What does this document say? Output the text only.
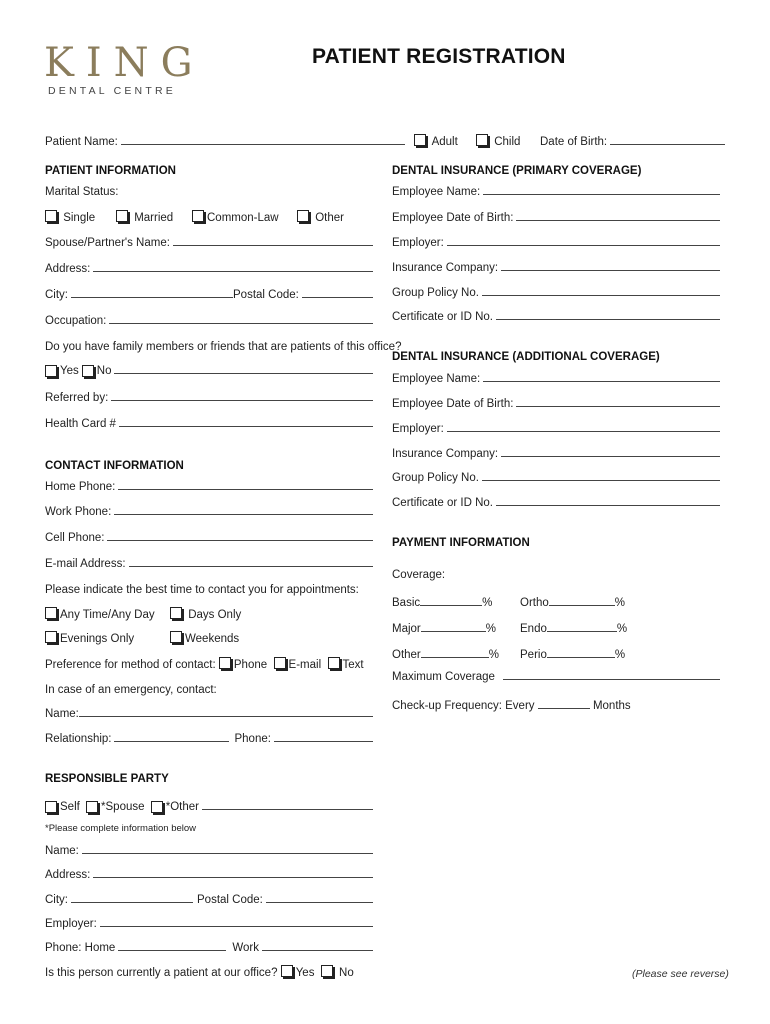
KING
DENTAL CENTRE
PATIENT REGISTRATION
Patient Name:	Adult	Child Date of Birth:
PATIENT INFORMATION
Marital Status:
Single	Married	Common-Law	Other
Spouse/Partner's Name:
Address:
City:	Postal Code:
Occupation:
Do you have family members or friends that are patients of this office?
Yes No
Referred by:
Health Card #
CONTACT INFORMATION
Home Phone:
Work Phone:
Cell Phone:
E-mail Address:
Please indicate the best time to contact you for appointments:
Any Time/Any Day	Days Only
Evenings Only	Weekends
Preference for method of contact: Phone E-mail Text
In case of an emergency, contact:
Name:
Relationship:	Phone:
RESPONSIBLE PARTY
Self
*Spouse
*Other
*Please complete information below
Name:
Address:
City:	Postal Code:
Employer:
Phone: Home	Work
Is this person currently a patient at our office? Yes No
DENTAL INSURANCE (PRIMARY COVERAGE)
Employee Name:
Employee Date of Birth:
Employer:
Insurance Company:
Group Policy No.
Certificate or ID No.
DENTAL INSURANCE (ADDITIONAL COVERAGE)
Employee Name:
Employee Date of Birth:
Employer:
Insurance Company:
Group Policy No.
Certificate or ID No.
PAYMENT INFORMATION
Coverage:
Basic	% Ortho	%
Major	% Endo	%
Other	% Perio	%
Maximum Coverage
Check-up Frequency: Every	Months
(Please see reverse)
